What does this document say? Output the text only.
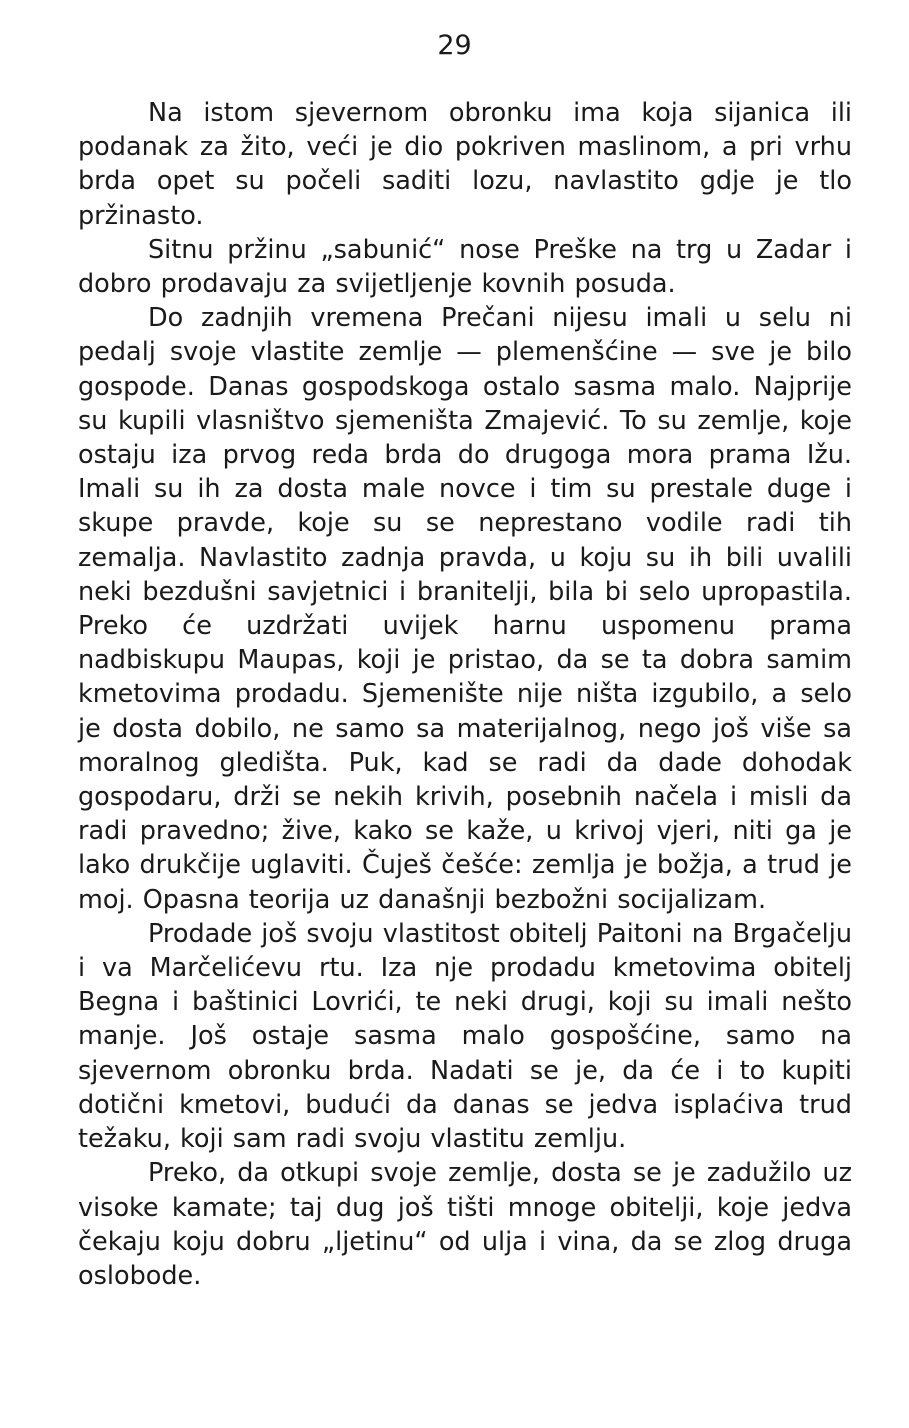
29

Na istom sjevernom obronku ima koja sijanica ili podanak za žito, veći je dio pokriven maslinom, a pri vrhu brda opet su počeli saditi lozu, navlastito gdje je tlo pržinasto.

Sitnu pržinu „sabunić“ nose Preške na trg u Zadar i dobro prodavaju za svijetljenje kovnih posuda.

Do zadnjih vremena Prečani nijesu imali u selu ni pedalj svoje vlastite zemlje — plemenšćine — sve je bilo gospode. Danas gospodskoga ostalo sasma malo. Najprije su kupili vlasništvo sjemeništa Zmajević. To su zemlje, koje ostaju iza prvog reda brda do drugoga mora prama Ižu. Imali su ih za dosta male novce i tim su prestale duge i skupe pravde, koje su se neprestano vodile radi tih zemalja. Navlastito zadnja pravda, u koju su ih bili uvalili neki bezdušni savjetnici i branitelji, bila bi selo upropastila. Preko će uzdržati uvijek harnu uspomenu prama nadbiskupu Maupas, koji je pristao, da se ta dobra samim kmetovima prodadu. Sjemenište nije ništa izgubilo, a selo je dosta dobilo, ne samo sa materijalnog, nego još više sa moralnog gledišta. Puk, kad se radi da dade dohodak gospodaru, drži se nekih krivih, posebnih načela i misli da radi pravedno; žive, kako se kaže, u krivoj vjeri, niti ga je lako drukčije uglaviti. Čuješ češće: zemlja je božja, a trud je moj. Opasna teorija uz današnji bezbožni socijalizam.

Prodade još svoju vlastitost obitelj Paitoni na Brgačelju i va Marčelićevu rtu. Iza nje prodadu kmetovima obitelj Begna i baštinici Lovrići, te neki drugi, koji su imali nešto manje. Još ostaje sasma malo gospošćine, samo na sjevernom obronku brda. Nadati se je, da će i to kupiti dotični kmetovi, budući da danas se jedva isplaćiva trud težaku, koji sam radi svoju vlastitu zemlju.

Preko, da otkupi svoje zemlje, dosta se je zadužilo uz visoke kamate; taj dug još tišti mnoge obitelji, koje jedva čekaju koju dobru „ljetinu“ od ulja i vina, da se zlog druga oslobode.
